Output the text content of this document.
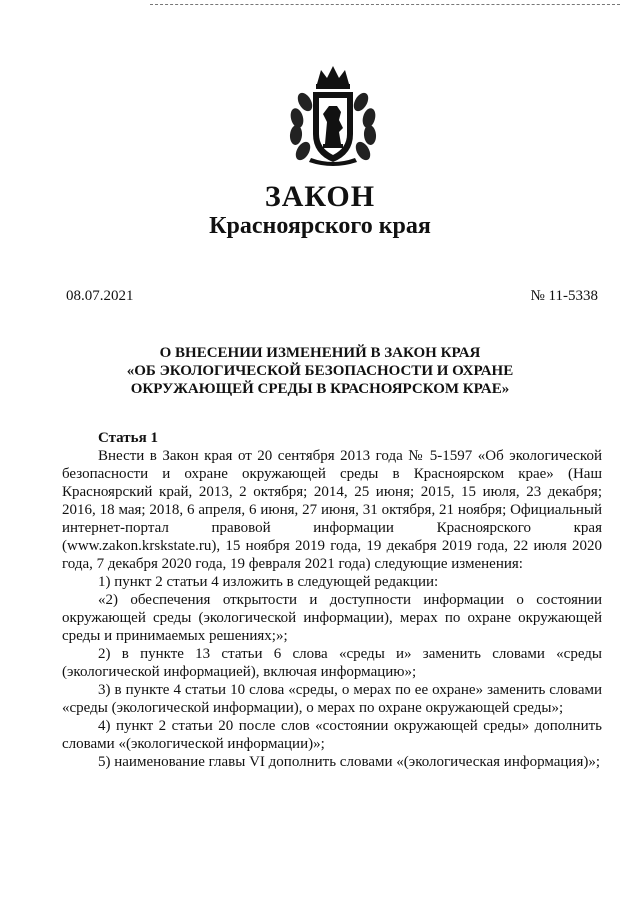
ЗАКОН
Красноярского края
08.07.2021	№ 11-5338
О ВНЕСЕНИИ ИЗМЕНЕНИЙ В ЗАКОН КРАЯ
«ОБ ЭКОЛОГИЧЕСКОЙ БЕЗОПАСНОСТИ И ОХРАНЕ
ОКРУЖАЮЩЕЙ СРЕДЫ В КРАСНОЯРСКОМ КРАЕ»

Статья 1

Внести в Закон края от 20 сентября 2013 года № 5-1597 «Об экологической безопасности и охране окружающей среды в Красноярском крае» (Наш Красноярский край, 2013, 2 октября; 2014, 25 июня; 2015, 15 июля, 23 декабря; 2016, 18 мая; 2018, 6 апреля, 6 июня, 27 июня, 31 октября, 21 ноября; Официальный интернет-портал правовой информации Красноярского края (www.zakon.krskstate.ru), 15 ноября 2019 года, 19 декабря 2019 года, 22 июля 2020 года, 7 декабря 2020 года, 19 февраля 2021 года) следующие изменения:

1) пункт 2 статьи 4 изложить в следующей редакции:

«2) обеспечения открытости и доступности информации о состоянии окружающей среды (экологической информации), мерах по охране окружающей среды и принимаемых решениях;»;

2) в пункте 13 статьи 6 слова «среды и» заменить словами «среды (экологической информацией), включая информацию»;

3) в пункте 4 статьи 10 слова «среды, о мерах по ее охране» заменить словами «среды (экологической информации), о мерах по охране окружающей среды»;

4) пункт 2 статьи 20 после слов «состоянии окружающей среды» дополнить словами «(экологической информации)»;

5) наименование главы VI дополнить словами «(экологическая информация)»;
